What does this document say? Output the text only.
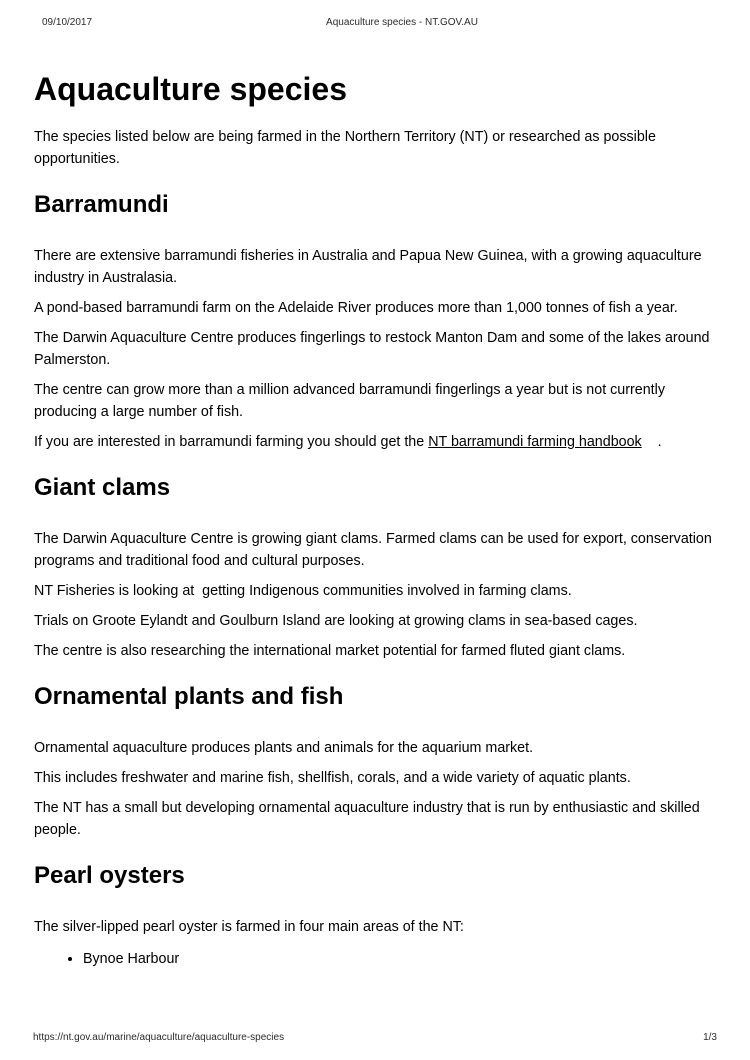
09/10/2017	Aquaculture species - NT.GOV.AU
Aquaculture species

The species listed below are being farmed in the Northern Territory (NT) or researched as possible opportunities.

Barramundi

There are extensive barramundi fisheries in Australia and Papua New Guinea, with a growing aquaculture industry in Australasia.

A pond-based barramundi farm on the Adelaide River produces more than 1,000 tonnes of fish a year.

The Darwin Aquaculture Centre produces fingerlings to restock Manton Dam and some of the lakes around Palmerston.

The centre can grow more than a million advanced barramundi fingerlings a year but is not currently producing a large number of fish.

If you are interested in barramundi farming you should get the NT barramundi farming handbook    .

Giant clams

The Darwin Aquaculture Centre is growing giant clams. Farmed clams can be used for export, conservation programs and traditional food and cultural purposes.

NT Fisheries is looking at  getting Indigenous communities involved in farming clams.

Trials on Groote Eylandt and Goulburn Island are looking at growing clams in sea-based cages.

The centre is also researching the international market potential for farmed fluted giant clams.

Ornamental plants and fish

Ornamental aquaculture produces plants and animals for the aquarium market.

This includes freshwater and marine fish, shellfish, corals, and a wide variety of aquatic plants.

The NT has a small but developing ornamental aquaculture industry that is run by enthusiastic and skilled people.

Pearl oysters

The silver-lipped pearl oyster is farmed in four main areas of the NT:

• Bynoe Harbour
https://nt.gov.au/marine/aquaculture/aquaculture-species	1/3
